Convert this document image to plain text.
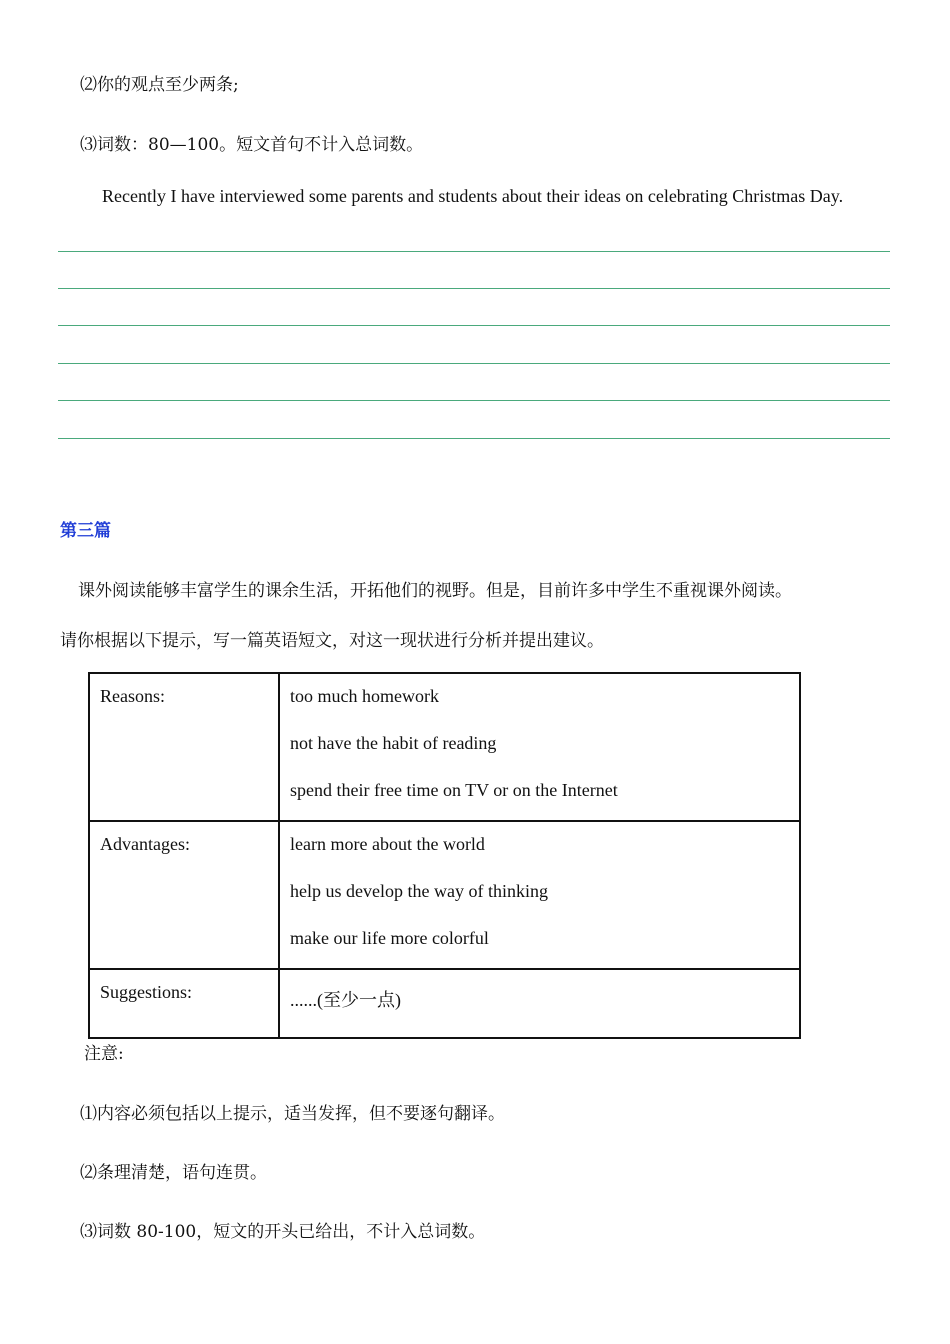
⑵你的观点至少两条;
⑶词数：80—100。短文首句不计入总词数。
Recently I have interviewed some parents and students about their ideas on celebrating Christmas Day.
第三篇
课外阅读能够丰富学生的课余生活，开拓他们的视野。但是，目前许多中学生不重视课外阅读。
请你根据以下提示，写一篇英语短文，对这一现状进行分析并提出建议。
Reasons:	too much homework
not have the habit of reading
spend their free time on TV or on the Internet

Advantages:	learn more about the world
help us develop the way of thinking
make our life more colorful

Suggestions:	......(至少一点)
注意:
⑴内容必须包括以上提示，适当发挥，但不要逐句翻译。
⑵条理清楚，语句连贯。
⑶词数 80-100，短文的开头已给出，不计入总词数。
